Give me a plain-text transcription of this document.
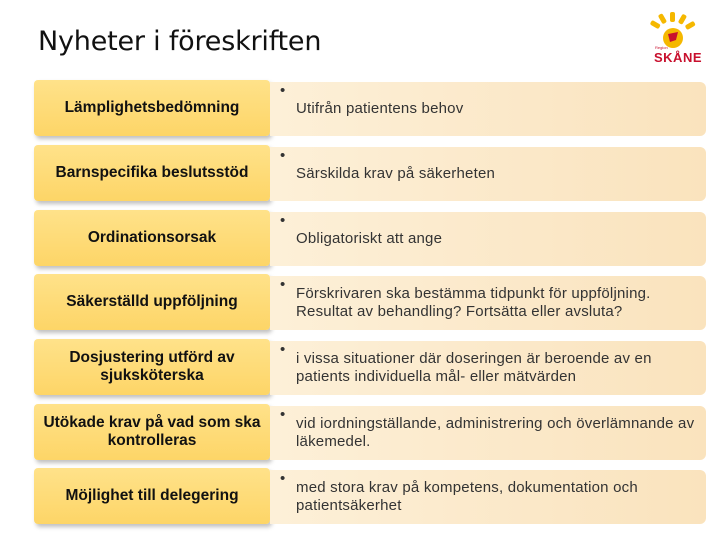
Nyheter i föreskriften	Region
SKÅNE
Lämplighetsbedömning
•
Utifrån patientens behov
Barnspecifika beslutsstöd
•
Särskilda krav på säkerheten
Ordinationsorsak
•
Obligatoriskt att ange
Säkerställd uppföljning
•
Förskrivaren ska bestämma tidpunkt för uppföljning. Resultat av behandling? Fortsätta eller avsluta?
Dosjustering utförd av sjuksköterska
•
i vissa situationer där doseringen är beroende av en patients individuella mål- eller mätvärden
Utökade krav på vad som ska kontrolleras
•
vid iordningställande, administrering och överlämnande av läkemedel.
Möjlighet till delegering
•
med stora krav på kompetens, dokumentation och patientsäkerhet
